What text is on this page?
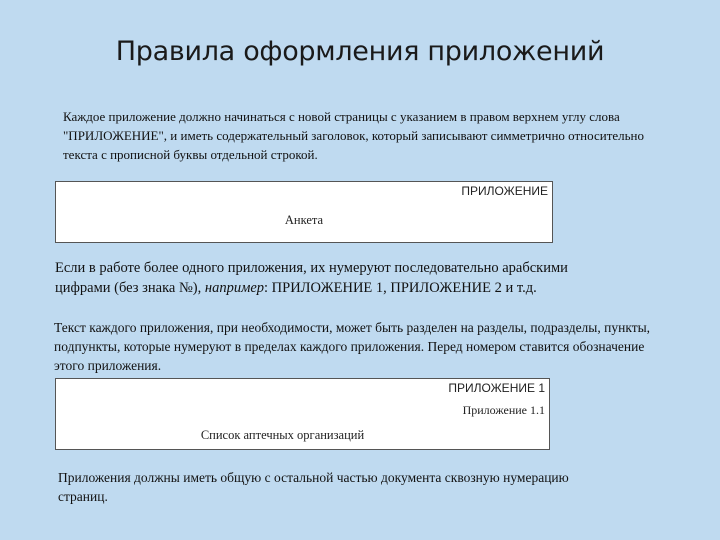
Правила оформления приложений

Каждое приложение должно начинаться с новой страницы с указанием в правом верхнем углу слова "ПРИЛОЖЕНИЕ", и иметь содержательный заголовок, который записывают симметрично относительно текста с прописной буквы отдельной строкой.

ПРИЛОЖЕНИЕ
Анкета

Если в работе более одного приложения, их нумеруют последовательно арабскими цифрами (без знака №), например: ПРИЛОЖЕНИЕ 1, ПРИЛОЖЕНИЕ 2 и т.д.

Текст каждого приложения, при необходимости, может быть разделен на разделы, подразделы, пункты, подпункты, которые нумеруют в пределах каждого приложения. Перед номером ставится обозначение этого приложения.

ПРИЛОЖЕНИЕ 1
Приложение 1.1
Список аптечных организаций

Приложения должны иметь общую с остальной частью документа сквозную нумерацию страниц.
